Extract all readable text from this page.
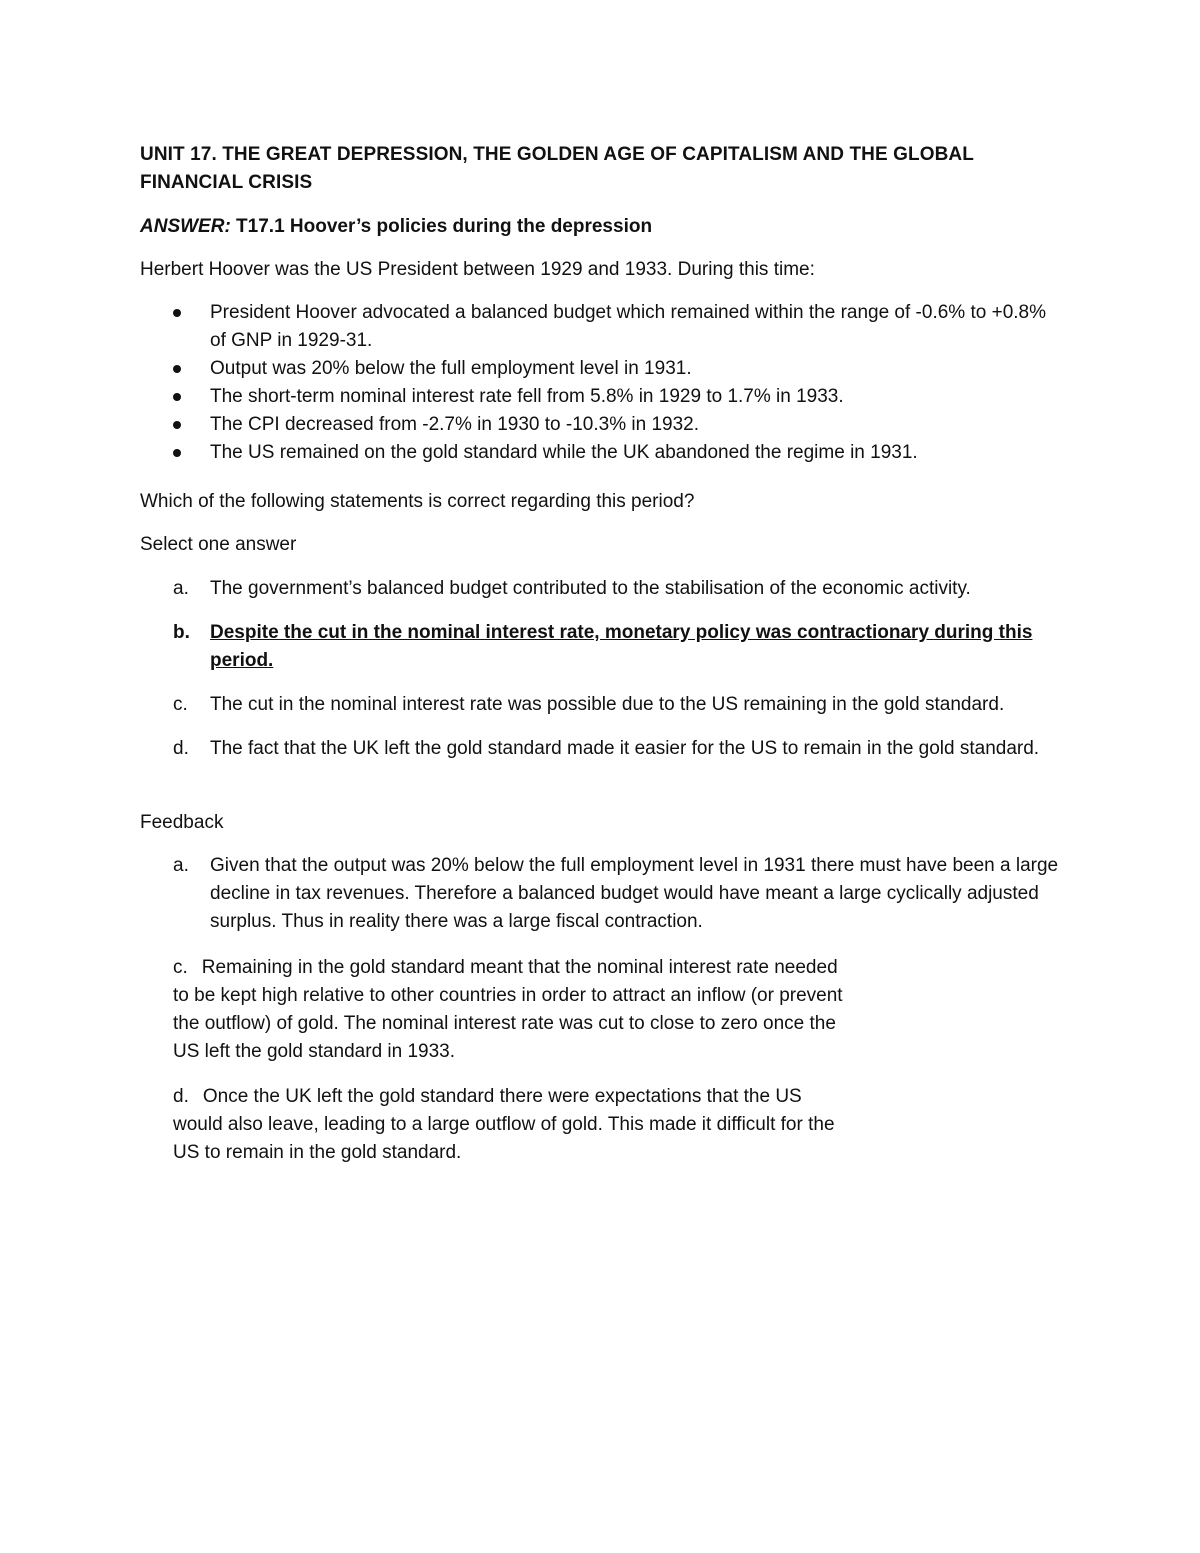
UNIT 17. THE GREAT DEPRESSION, THE GOLDEN AGE OF CAPITALISM AND THE GLOBAL FINANCIAL CRISIS
ANSWER: T17.1 Hoover’s policies during the depression
Herbert Hoover was the US President between 1929 and 1933. During this time:
President Hoover advocated a balanced budget which remained within the range of -0.6% to +0.8% of GNP in 1929-31.
Output was 20% below the full employment level in 1931.
The short-term nominal interest rate fell from 5.8% in 1929 to 1.7% in 1933.
The CPI decreased from -2.7% in 1930 to -10.3% in 1932.
The US remained on the gold standard while the UK abandoned the regime in 1931.
Which of the following statements is correct regarding this period?
Select one answer
a. The government’s balanced budget contributed to the stabilisation of the economic activity.
b. Despite the cut in the nominal interest rate, monetary policy was contractionary during this period.
c. The cut in the nominal interest rate was possible due to the US remaining in the gold standard.
d. The fact that the UK left the gold standard made it easier for the US to remain in the gold standard.
Feedback
a.	Given that the output was 20% below the full employment level in 1931 there must have been a large decline in tax revenues. Therefore a balanced budget would have meant a large cyclically adjusted surplus. Thus in reality there was a large fiscal contraction.
c. Remaining in the gold standard meant that the nominal interest rate needed to be kept high relative to other countries in order to attract an inflow (or prevent the outflow) of gold. The nominal interest rate was cut to close to zero once the US left the gold standard in 1933.
d. Once the UK left the gold standard there were expectations that the US would also leave, leading to a large outflow of gold. This made it difficult for the US to remain in the gold standard.
